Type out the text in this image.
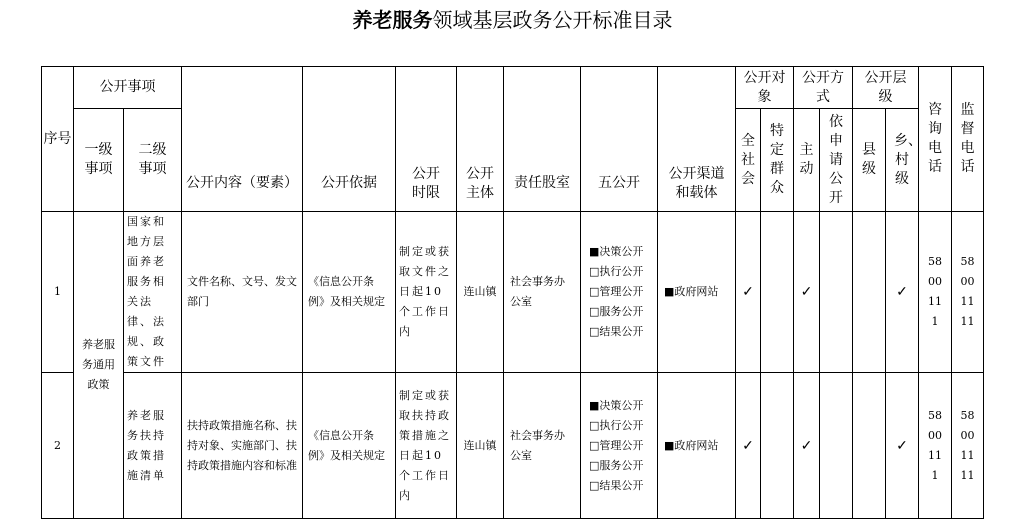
养老服务领域基层政务公开标准目录
序号	公开事项		公开内容（要素）	公开依据	公开时限	公开主体	责任股室	五公开	公开渠道和载体	公开对象		公开方式		公开层级		咨询电话	监督电话
	一级事项	二级事项								全社会	特定群众	主动	依申请公开	县级	乡、村级		

1	养老服务通用政策	国家和地方层面养老服务相关法律、法规、政策文件	文件名称、文号、发文部门	《信息公开条例》及相关规定	制定或获取文件之日起10个工作日内	连山镇	社会事务办公室	■决策公开
□执行公开
□管理公开
□服务公开
□结果公开	■政府网站	✓		✓			✓	5800111	58001111
2		养老服务扶持政策措施清单	扶持政策措施名称、扶持对象、实施部门、扶持政策措施内容和标准	《信息公开条例》及相关规定	制定或获取扶持政策措施之日起10个工作日内	连山镇	社会事务办公室	■决策公开
□执行公开
□管理公开
□服务公开
□结果公开	■政府网站	✓		✓			✓	5800111	58001111
